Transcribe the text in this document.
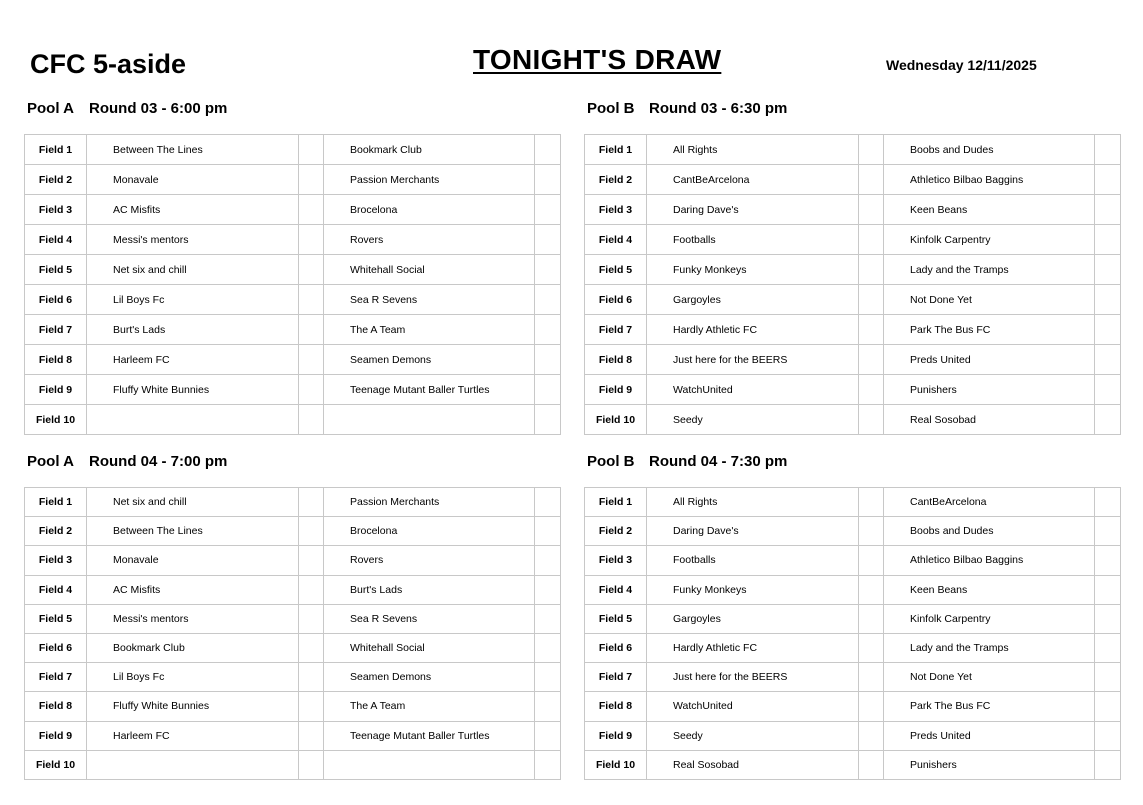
CFC 5-aside	TONIGHT'S DRAW	Wednesday 12/11/2025
Pool A Round 03 - 6:00 pm	Pool B Round 03 - 6:30 pm
Pool A Round 04 - 7:00 pm	Pool B Round 04 - 7:30 pm
Field 1	Between The Lines		Bookmark Club	
Field 2	Monavale		Passion Merchants	
Field 3	AC Misfits		Brocelona	
Field 4	Messi's mentors		Rovers	
Field 5	Net six and chill		Whitehall Social	
Field 6	Lil Boys Fc		Sea R Sevens	
Field 7	Burt's Lads		The A Team	
Field 8	Harleem FC		Seamen Demons	
Field 9	Fluffy White Bunnies		Teenage Mutant Baller Turtles	
Field 10				
Field 1	All Rights		Boobs and Dudes	
Field 2	CantBeArcelona		Athletico Bilbao Baggins	
Field 3	Daring Dave's		Keen Beans	
Field 4	Footballs		Kinfolk Carpentry	
Field 5	Funky Monkeys		Lady and the Tramps	
Field 6	Gargoyles		Not Done Yet	
Field 7	Hardly Athletic FC		Park The Bus FC	
Field 8	Just here for the BEERS		Preds United	
Field 9	WatchUnited		Punishers	
Field 10	Seedy		Real Sosobad	
Field 1	Net six and chill		Passion Merchants	
Field 2	Between The Lines		Brocelona	
Field 3	Monavale		Rovers	
Field 4	AC Misfits		Burt's Lads	
Field 5	Messi's mentors		Sea R Sevens	
Field 6	Bookmark Club		Whitehall Social	
Field 7	Lil Boys Fc		Seamen Demons	
Field 8	Fluffy White Bunnies		The A Team	
Field 9	Harleem FC		Teenage Mutant Baller Turtles	
Field 10				
Field 1	All Rights		CantBeArcelona	
Field 2	Daring Dave's		Boobs and Dudes	
Field 3	Footballs		Athletico Bilbao Baggins	
Field 4	Funky Monkeys		Keen Beans	
Field 5	Gargoyles		Kinfolk Carpentry	
Field 6	Hardly Athletic FC		Lady and the Tramps	
Field 7	Just here for the BEERS		Not Done Yet	
Field 8	WatchUnited		Park The Bus FC	
Field 9	Seedy		Preds United	
Field 10	Real Sosobad		Punishers	
